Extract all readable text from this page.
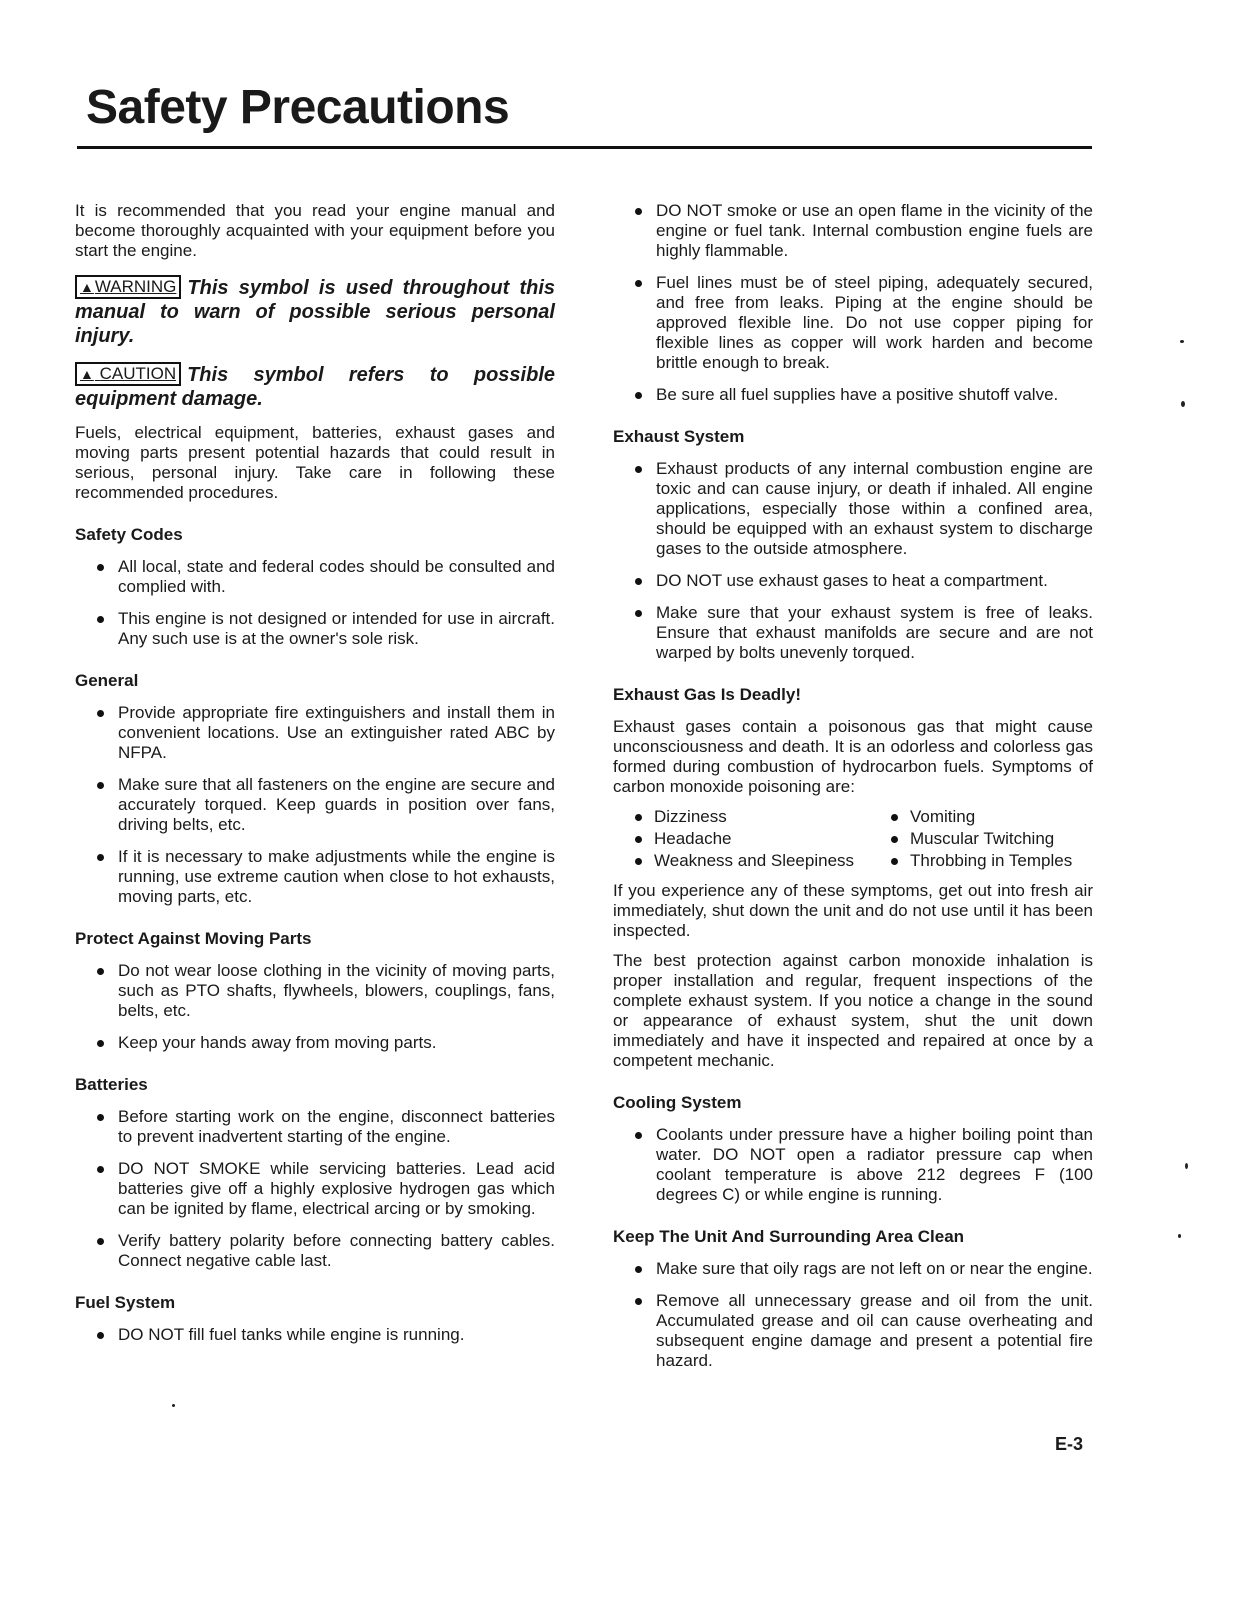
Safety Precautions

It is recommended that you read your engine manual and become thoroughly acquainted with your equipment before you start the engine.

▲WARNING This symbol is used throughout this manual to warn of possible serious personal injury.
▲ CAUTION This symbol refers to possible equipment damage.

Fuels, electrical equipment, batteries, exhaust gases and moving parts present potential hazards that could result in serious, personal injury. Take care in following these recommended procedures.

Safety Codes
All local, state and federal codes should be consulted and complied with.
This engine is not designed or intended for use in aircraft. Any such use is at the owner's sole risk.
General
Provide appropriate fire extinguishers and install them in convenient locations. Use an extinguisher rated ABC by NFPA.
Make sure that all fasteners on the engine are secure and accurately torqued. Keep guards in position over fans, driving belts, etc.
If it is necessary to make adjustments while the engine is running, use extreme caution when close to hot exhausts, moving parts, etc.
Protect Against Moving Parts
Do not wear loose clothing in the vicinity of moving parts, such as PTO shafts, flywheels, blowers, couplings, fans, belts, etc.
Keep your hands away from moving parts.
Batteries
Before starting work on the engine, disconnect batteries to prevent inadvertent starting of the engine.
DO NOT SMOKE while servicing batteries. Lead acid batteries give off a highly explosive hydrogen gas which can be ignited by flame, electrical arcing or by smoking.
Verify battery polarity before connecting battery cables. Connect negative cable last.
Fuel System
DO NOT fill fuel tanks while engine is running.
DO NOT smoke or use an open flame in the vicinity of the engine or fuel tank. Internal combustion engine fuels are highly flammable.
Fuel lines must be of steel piping, adequately secured, and free from leaks. Piping at the engine should be approved flexible line. Do not use copper piping for flexible lines as copper will work harden and become brittle enough to break.
Be sure all fuel supplies have a positive shutoff valve.
Exhaust System
Exhaust products of any internal combustion engine are toxic and can cause injury, or death if inhaled. All engine applications, especially those within a confined area, should be equipped with an exhaust system to discharge gases to the outside atmosphere.
DO NOT use exhaust gases to heat a compartment.
Make sure that your exhaust system is free of leaks. Ensure that exhaust manifolds are secure and are not warped by bolts unevenly torqued.
Exhaust Gas Is Deadly!

Exhaust gases contain a poisonous gas that might cause unconsciousness and death. It is an odorless and colorless gas formed during combustion of hydrocarbon fuels. Symptoms of carbon monoxide poisoning are:

Dizziness	Vomiting
Headache	Muscular Twitching
Weakness and Sleepiness	Throbbing in Temples

If you experience any of these symptoms, get out into fresh air immediately, shut down the unit and do not use until it has been inspected.

The best protection against carbon monoxide inhalation is proper installation and regular, frequent inspections of the complete exhaust system. If you notice a change in the sound or appearance of exhaust system, shut the unit down immediately and have it inspected and repaired at once by a competent mechanic.

Cooling System
Coolants under pressure have a higher boiling point than water. DO NOT open a radiator pressure cap when coolant temperature is above 212 degrees F (100 degrees C) or while engine is running.
Keep The Unit And Surrounding Area Clean
Make sure that oily rags are not left on or near the engine.
Remove all unnecessary grease and oil from the unit. Accumulated grease and oil can cause overheating and subsequent engine damage and present a potential fire hazard.
E-3
